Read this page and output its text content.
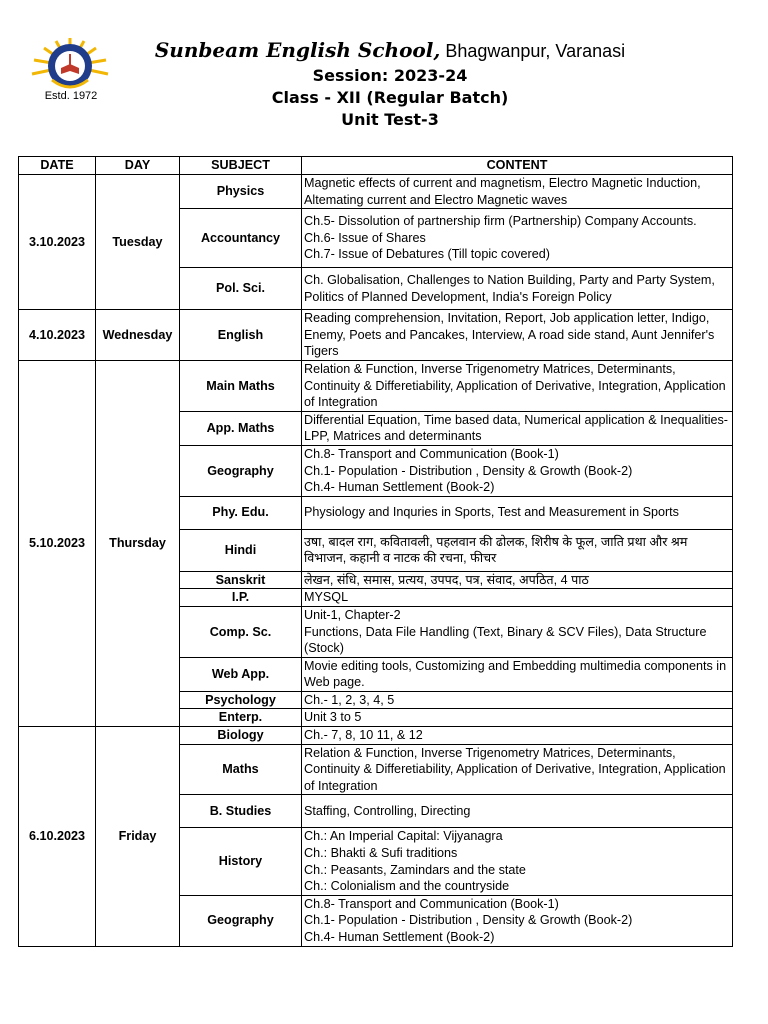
Estd. 1972
Sunbeam English School, Bhagwanpur, Varanasi
Session: 2023-24
Class - XII (Regular Batch)
Unit Test-3
DATE	DAY	SUBJECT	CONTENT
3.10.2023	Tuesday	Physics	Magnetic effects of current and magnetism, Electro Magnetic Induction, Altemating current and Electro Magnetic waves
		Accountancy	Ch.5- Dissolution of partnership firm (Partnership) Company Accounts.
Ch.6- Issue of Shares
Ch.7- Issue of Debatures (Till topic covered)
		Pol. Sci.	Ch. Globalisation, Challenges to Nation Building, Party and Party System, Politics of Planned Development, India's Foreign Policy
4.10.2023	Wednesday	English	Reading comprehension, Invitation, Report, Job application letter, Indigo, Enemy, Poets and Pancakes, Interview, A road side stand, Aunt Jennifer's Tigers
5.10.2023	Thursday	Main Maths	Relation & Function, Inverse Trigenometry Matrices, Determinants, Continuity & Differetiability, Application of Derivative, Integration, Application of Integration
		App. Maths	Differential Equation, Time based data, Numerical application & Inequalities-LPP, Matrices and determinants
		Geography	Ch.8- Transport and Communication (Book-1)
Ch.1- Population - Distribution , Density & Growth (Book-2)
Ch.4- Human Settlement (Book-2)
		Phy. Edu.	Physiology and Inquries in Sports, Test and Measurement in Sports
		Hindi	उषा, बादल राग, कवितावली, पहलवान की ढोलक, शिरीष के फूल, जाति प्रथा और श्रम विभाजन, कहानी व नाटक की रचना, फीचर
		Sanskrit	लेखन, संधि, समास, प्रत्यय, उपपद, पत्र, संवाद, अपठित, 4 पाठ
		I.P.	MYSQL
		Comp. Sc.	Unit-1, Chapter-2
Functions, Data File Handling (Text, Binary & SCV Files), Data Structure (Stock)
		Web App.	Movie editing tools, Customizing and Embedding multimedia components in Web page.
		Psychology	Ch.- 1, 2, 3, 4, 5
		Enterp.	Unit 3 to 5
6.10.2023	Friday	Biology	Ch.- 7, 8, 10 11, & 12
		Maths	Relation & Function, Inverse Trigenometry Matrices, Determinants, Continuity & Differetiability, Application of Derivative, Integration, Application of Integration
		B. Studies	Staffing, Controlling, Directing
		History	Ch.: An Imperial Capital: Vijyanagra
Ch.: Bhakti & Sufi traditions
Ch.: Peasants, Zamindars and the state
Ch.: Colonialism and the countryside
		Geography	Ch.8- Transport and Communication (Book-1)
Ch.1- Population - Distribution , Density & Growth (Book-2)
Ch.4- Human Settlement (Book-2)
